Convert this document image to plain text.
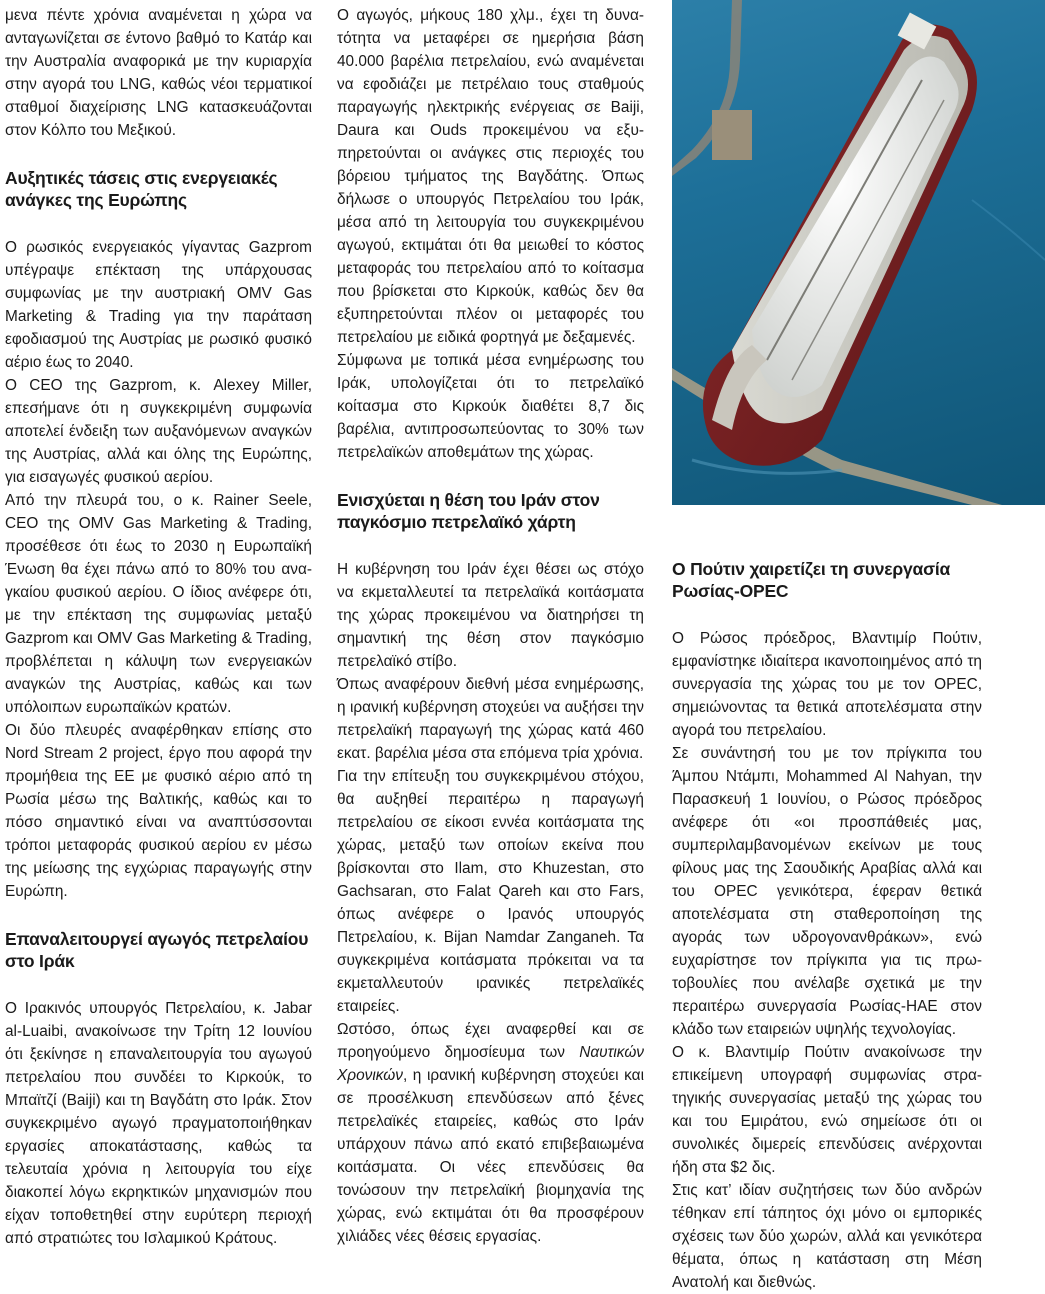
μενα πέντε χρόνια αναμένεται η χώρα να ανταγωνίζεται σε έντονο βαθμό το Κατάρ και την Αυστραλία αναφορικά με την κυριαρχία στην αγορά του LNG, καθώς νέοι τερματικοί σταθμοί διαχείρισης LNG κατασκευάζονται στον Κόλπο του Μεξικού.

Αυξητικές τάσεις στις ενεργειακές ανάγκες της Ευρώπης

Ο ρωσικός ενεργειακός γίγαντας Gazprom υπέγραψε επέκταση της υπάρχουσας συμφωνίας με την αυστριακή OMV Gas Marketing & Trading για την παράταση εφοδιασμού της Αυστρίας με ρωσικό φυσικό αέριο έως το 2040.

Ο CEO της Gazprom, κ. Alexey Miller, επεσήμανε ότι η συγκεκριμένη συμφωνία αποτελεί ένδειξη των αυξανόμενων αναγκών της Αυστρίας, αλλά και όλης της Ευρώπης, για εισαγωγές φυσικού αερίου.

Από την πλευρά του, ο κ. Rainer Seele, CEO της OMV Gas Marketing & Trading, προσέθεσε ότι έως το 2030 η Ευρωπαϊκή Ένωση θα έχει πάνω από το 80% του αναγκαίου φυσικού αερίου. Ο ίδιος ανέφερε ότι, με την επέκταση της συμφωνίας μεταξύ Gazprom και OMV Gas Marketing & Trading, προβλέπεται η κάλυψη των ενεργειακών αναγκών της Αυστρίας, καθώς και των υπόλοιπων ευρωπαϊκών κρατών.

Οι δύο πλευρές αναφέρθηκαν επίσης στο Nord Stream 2 project, έργο που αφορά την προμήθεια της ΕΕ με φυσικό αέριο από τη Ρωσία μέσω της Βαλτικής, καθώς και το πόσο σημαντικό είναι να αναπτύσσονται τρόποι μεταφοράς φυσικού αερίου εν μέσω της μείωσης της εγχώριας παραγωγής στην Ευρώπη.

Επαναλειτουργεί αγωγός πετρελαίου στο Ιράκ

Ο Ιρακινός υπουργός Πετρελαίου, κ. Jabar al-Luaibi, ανακοίνωσε την Τρίτη 12 Ιουνίου ότι ξεκίνησε η επαναλειτουργία του αγωγού πετρελαίου που συνδέει το Κιρκούκ, το Μπαϊτζί (Baiji) και τη Βαγδάτη στο Ιράκ. Στον συγκεκριμένο αγωγό πραγματοποιήθηκαν εργασίες αποκατάστασης, καθώς τα τελευταία χρόνια η λειτουργία του είχε διακοπεί λόγω εκρηκτικών μηχανισμών που είχαν τοποθετηθεί στην ευρύτερη περιοχή από στρατιώτες του Ισλαμικού Κράτους.

Ο αγωγός, μήκους 180 χλμ., έχει τη δυνατότητα να μεταφέρει σε ημερήσια βάση 40.000 βαρέλια πετρελαίου, ενώ αναμένεται να εφοδιάζει με πετρέλαιο τους σταθμούς παραγωγής ηλεκτρικής ενέργειας σε Baiji, Daura και Ouds προκειμένου να εξυπηρετούνται οι ανάγκες στις περιοχές του βόρειου τμήματος της Βαγδάτης. Όπως δήλωσε ο υπουργός Πετρελαίου του Ιράκ, μέσα από τη λειτουργία του συγκεκριμένου αγωγού, εκτιμάται ότι θα μειωθεί το κόστος μεταφοράς του πετρελαίου από το κοίτασμα που βρίσκεται στο Κιρκούκ, καθώς δεν θα εξυπηρετούνται πλέον οι μεταφορές του πετρελαίου με ειδικά φορτηγά με δεξαμενές.

Σύμφωνα με τοπικά μέσα ενημέρωσης του Ιράκ, υπολογίζεται ότι το πετρελαϊκό κοίτασμα στο Κιρκούκ διαθέτει 8,7 δις βαρέλια, αντιπροσωπεύοντας το 30% των πετρελαϊκών αποθεμάτων της χώρας.

Ενισχύεται η θέση του Ιράν στον παγκόσμιο πετρελαϊκό χάρτη

Η κυβέρνηση του Ιράν έχει θέσει ως στόχο να εκμεταλλευτεί τα πετρελαϊκά κοιτάσματα της χώρας προκειμένου να διατηρήσει τη σημαντική της θέση στον παγκόσμιο πετρελαϊκό στίβο.

Όπως αναφέρουν διεθνή μέσα ενημέρωσης, η ιρανική κυβέρνηση στοχεύει να αυξήσει την πετρελαϊκή παραγωγή της χώρας κατά 460 εκατ. βαρέλια μέσα στα επόμενα τρία χρόνια.

Για την επίτευξη του συγκεκριμένου στόχου, θα αυξηθεί περαιτέρω η παραγωγή πετρελαίου σε είκοσι εννέα κοιτάσματα της χώρας, μεταξύ των οποίων εκείνα που βρίσκονται στο Ilam, στο Khuzestan, στο Gachsaran, στο Falat Qareh και στο Fars, όπως ανέφερε ο Ιρανός υπουργός Πετρελαίου, κ. Bijan Namdar Zanganeh. Τα συγκεκριμένα κοιτάσματα πρόκειται να τα εκμεταλλευτούν ιρανικές πετρελαϊκές εταιρείες.

Ωστόσο, όπως έχει αναφερθεί και σε προηγούμενο δημοσίευμα των Ναυτικών Χρονικών, η ιρανική κυβέρνηση στοχεύει και σε προσέλκυση επενδύσεων από ξένες πετρελαϊκές εταιρείες, καθώς στο Ιράν υπάρχουν πάνω από εκατό επιβεβαιωμένα κοιτάσματα. Οι νέες επενδύσεις θα τονώσουν την πετρελαϊκή βιομηχανία της χώρας, ενώ εκτιμάται ότι θα προσφέρουν χιλιάδες νέες θέσεις εργασίας.

Ο Πούτιν χαιρετίζει τη συνεργασία Ρωσίας-OPEC

Ο Ρώσος πρόεδρος, Βλαντιμίρ Πούτιν, εμφανίστηκε ιδιαίτερα ικανοποιημένος από τη συνεργασία της χώρας του με τον OPEC, σημειώνοντας τα θετικά αποτελέσματα στην αγορά του πετρελαίου.

Σε συνάντησή του με τον πρίγκιπα του Άμπου Ντάμπι, Mohammed Al Nahyan, την Παρασκευή 1 Ιουνίου, ο Ρώσος πρόεδρος ανέφερε ότι «οι προσπάθειές μας, συμπεριλαμβανομένων εκείνων με τους φίλους μας της Σαουδικής Αραβίας αλλά και του OPEC γενικότερα, έφεραν θετικά αποτελέσματα στη σταθεροποίηση της αγοράς των υδρογονανθράκων», ενώ ευχαρίστησε τον πρίγκιπα για τις πρωτοβουλίες που ανέλαβε σχετικά με την περαιτέρω συνεργασία Ρωσίας-ΗΑΕ στον κλάδο των εταιρειών υψηλής τεχνολογίας.

Ο κ. Βλαντιμίρ Πούτιν ανακοίνωσε την επικείμενη υπογραφή συμφωνίας στρατηγικής συνεργασίας μεταξύ της χώρας του και του Εμιράτου, ενώ σημείωσε ότι οι συνολικές διμερείς επενδύσεις ανέρχονται ήδη στα $2 δις.

Στις κατ’ ιδίαν συζητήσεις των δύο ανδρών τέθηκαν επί τάπητος όχι μόνο οι εμπορικές σχέσεις των δύο χωρών, αλλά και γενικότερα θέματα, όπως η κατάσταση στη Μέση Ανατολή και διεθνώς.
